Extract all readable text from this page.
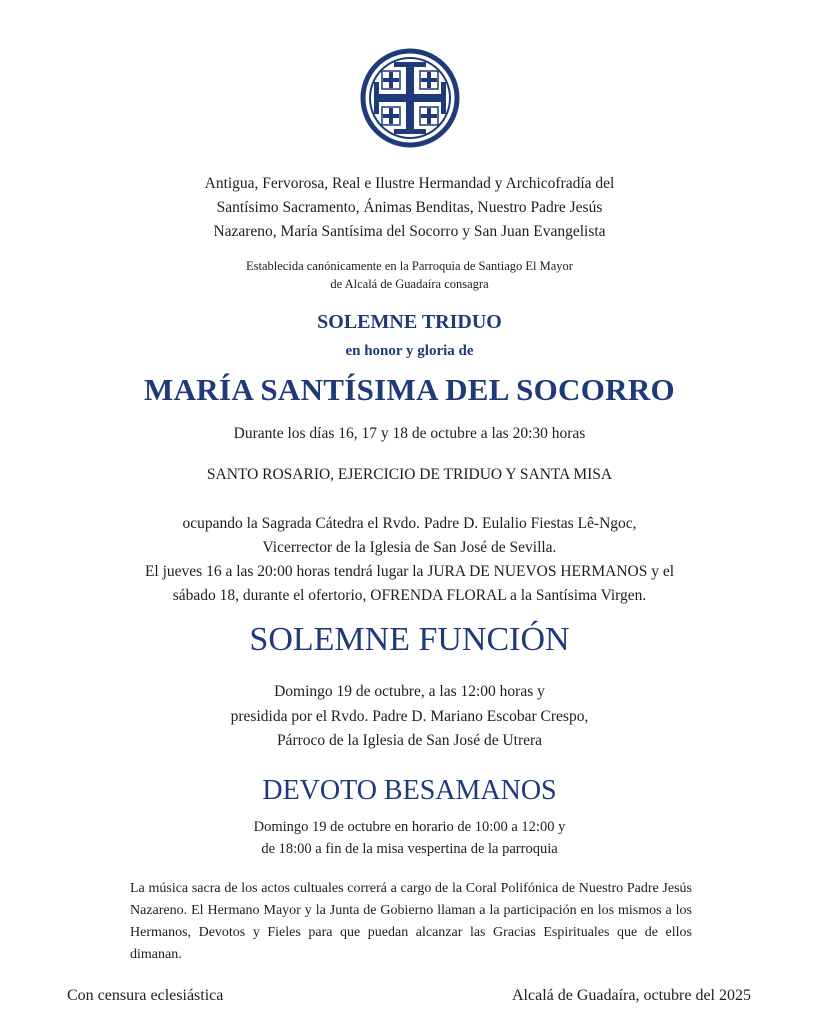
Antigua, Fervorosa, Real e Ilustre Hermandad y Archicofradía del
Santísimo Sacramento, Ánimas Benditas, Nuestro Padre Jesús
Nazareno, María Santísima del Socorro y San Juan Evangelista
Establecida canónicamente en la Parroquia de Santiago El Mayor
de Alcalá de Guadaíra consagra
SOLEMNE TRIDUO
en honor y gloria de
MARÍA SANTÍSIMA DEL SOCORRO
Durante los días 16, 17 y 18 de octubre a las 20:30 horas
SANTO ROSARIO, EJERCICIO DE TRIDUO Y SANTA MISA
ocupando la Sagrada Cátedra el Rvdo. Padre D. Eulalio Fiestas Lê-Ngoc,
Vicerrector de la Iglesia de San José de Sevilla.
El jueves 16 a las 20:00 horas tendrá lugar la JURA DE NUEVOS HERMANOS y el
sábado 18, durante el ofertorio, OFRENDA FLORAL a la Santísima Virgen.
SOLEMNE FUNCIÓN
Domingo 19 de octubre, a las 12:00 horas y
presidida por el Rvdo. Padre D. Mariano Escobar Crespo,
Párroco de la Iglesia de San José de Utrera
DEVOTO BESAMANOS
Domingo 19 de octubre en horario de 10:00 a 12:00 y
de 18:00 a fin de la misa vespertina de la parroquia
La música sacra de los actos cultuales correrá a cargo de la Coral Polifónica de Nuestro Padre Jesús Nazareno. El Hermano Mayor y la Junta de Gobierno llaman a la participación en los mismos a los Hermanos, Devotos y Fieles para que puedan alcanzar las Gracias Espirituales que de ellos dimanan.
Con censura eclesiástica	Alcalá de Guadaíra, octubre del 2025
